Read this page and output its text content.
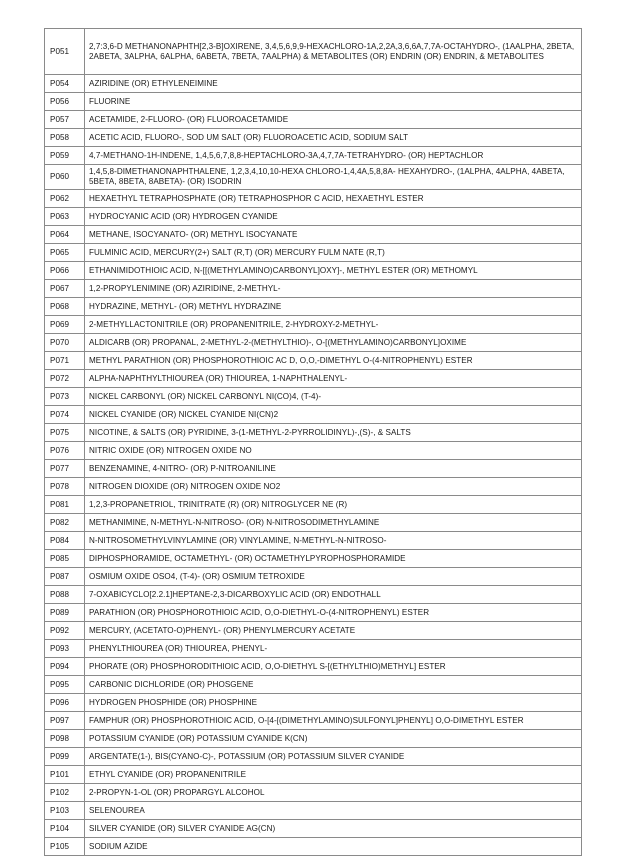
P051	2,7:3,6-D METHANONAPHTH[2,3-B]OXIRENE, 3,4,5,6,9,9-HEXACHLORO-1A,2,2A,3,6,6A,7,7A-OCTAHYDRO-, (1AALPHA, 2BETA, 2ABETA, 3ALPHA, 6ALPHA, 6ABETA, 7BETA, 7AALPHA) & METABOLITES (OR) ENDRIN (OR) ENDRIN, & METABOLITES
P054	AZIRIDINE (OR) ETHYLENEIMINE
P056	FLUORINE
P057	ACETAMIDE, 2-FLUORO- (OR) FLUOROACETAMIDE
P058	ACETIC ACID, FLUORO-, SOD UM SALT (OR) FLUOROACETIC ACID, SODIUM SALT
P059	4,7-METHANO-1H-INDENE, 1,4,5,6,7,8,8-HEPTACHLORO-3A,4,7,7A-TETRAHYDRO- (OR) HEPTACHLOR
P060	1,4,5,8-DIMETHANONAPHTHALENE, 1,2,3,4,10,10-HEXA CHLORO-1,4,4A,5,8,8A- HEXAHYDRO-, (1ALPHA, 4ALPHA, 4ABETA, 5BETA, 8BETA, 8ABETA)- (OR) ISODRIN
P062	HEXAETHYL TETRAPHOSPHATE (OR) TETRAPHOSPHOR C ACID, HEXAETHYL ESTER
P063	HYDROCYANIC ACID (OR) HYDROGEN CYANIDE
P064	METHANE, ISOCYANATO- (OR) METHYL ISOCYANATE
P065	FULMINIC ACID, MERCURY(2+) SALT (R,T) (OR) MERCURY FULM NATE (R,T)
P066	ETHANIMIDOTHIOIC ACID, N-[[(METHYLAMINO)CARBONYL]OXY]-, METHYL ESTER (OR) METHOMYL
P067	1,2-PROPYLENIMINE (OR) AZIRIDINE, 2-METHYL-
P068	HYDRAZINE, METHYL- (OR) METHYL HYDRAZINE
P069	2-METHYLLACTONITRILE (OR) PROPANENITRILE, 2-HYDROXY-2-METHYL-
P070	ALDICARB (OR) PROPANAL, 2-METHYL-2-(METHYLTHIO)-, O-[(METHYLAMINO)CARBONYL]OXIME
P071	METHYL PARATHION (OR) PHOSPHOROTHIOIC AC D, O,O,-DIMETHYL O-(4-NITROPHENYL) ESTER
P072	ALPHA-NAPHTHYLTHIOUREA (OR) THIOUREA, 1-NAPHTHALENYL-
P073	NICKEL CARBONYL (OR) NICKEL CARBONYL NI(CO)4, (T-4)-
P074	NICKEL CYANIDE (OR) NICKEL CYANIDE NI(CN)2
P075	NICOTINE, & SALTS (OR) PYRIDINE, 3-(1-METHYL-2-PYRROLIDINYL)-,(S)-, & SALTS
P076	NITRIC OXIDE (OR) NITROGEN OXIDE NO
P077	BENZENAMINE, 4-NITRO- (OR) P-NITROANILINE
P078	NITROGEN DIOXIDE (OR) NITROGEN OXIDE NO2
P081	1,2,3-PROPANETRIOL, TRINITRATE (R) (OR) NITROGLYCER NE (R)
P082	METHANIMINE, N-METHYL-N-NITROSO- (OR) N-NITROSODIMETHYLAMINE
P084	N-NITROSOMETHYLVINYLAMINE (OR) VINYLAMINE, N-METHYL-N-NITROSO-
P085	DIPHOSPHORAMIDE, OCTAMETHYL- (OR) OCTAMETHYLPYROPHOSPHORAMIDE
P087	OSMIUM OXIDE OSO4, (T-4)- (OR) OSMIUM TETROXIDE
P088	7-OXABICYCLO[2.2.1]HEPTANE-2,3-DICARBOXYLIC ACID (OR) ENDOTHALL
P089	PARATHION (OR) PHOSPHOROTHIOIC ACID, O,O-DIETHYL-O-(4-NITROPHENYL) ESTER
P092	MERCURY, (ACETATO-O)PHENYL- (OR) PHENYLMERCURY ACETATE
P093	PHENYLTHIOUREA (OR) THIOUREA, PHENYL-
P094	PHORATE (OR) PHOSPHORODITHIOIC ACID, O,O-DIETHYL S-[(ETHYLTHIO)METHYL] ESTER
P095	CARBONIC DICHLORIDE (OR) PHOSGENE
P096	HYDROGEN PHOSPHIDE (OR) PHOSPHINE
P097	FAMPHUR (OR) PHOSPHOROTHIOIC ACID, O-[4-[(DIMETHYLAMINO)SULFONYL]PHENYL] O,O-DIMETHYL ESTER
P098	POTASSIUM CYANIDE (OR) POTASSIUM CYANIDE K(CN)
P099	ARGENTATE(1-), BIS(CYANO-C)-, POTASSIUM (OR) POTASSIUM SILVER CYANIDE
P101	ETHYL CYANIDE (OR) PROPANENITRILE
P102	2-PROPYN-1-OL (OR) PROPARGYL ALCOHOL
P103	SELENOUREA
P104	SILVER CYANIDE (OR) SILVER CYANIDE AG(CN)
P105	SODIUM AZIDE
